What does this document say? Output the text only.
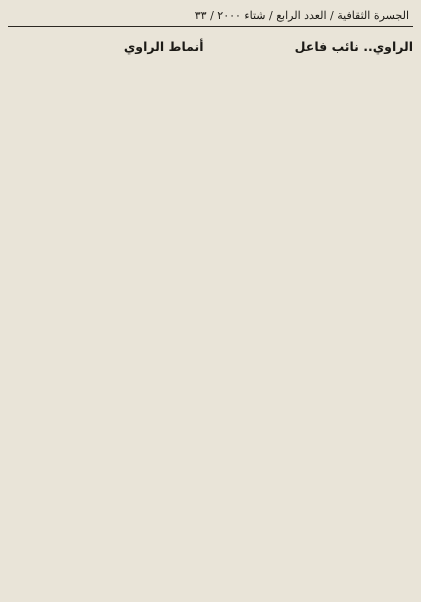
الجسرة الثقافية / العدد الرابع / شتاء ٢٠٠٠ / ٣٣
الراوي.. نائب فاعل
أنماط الراوي
